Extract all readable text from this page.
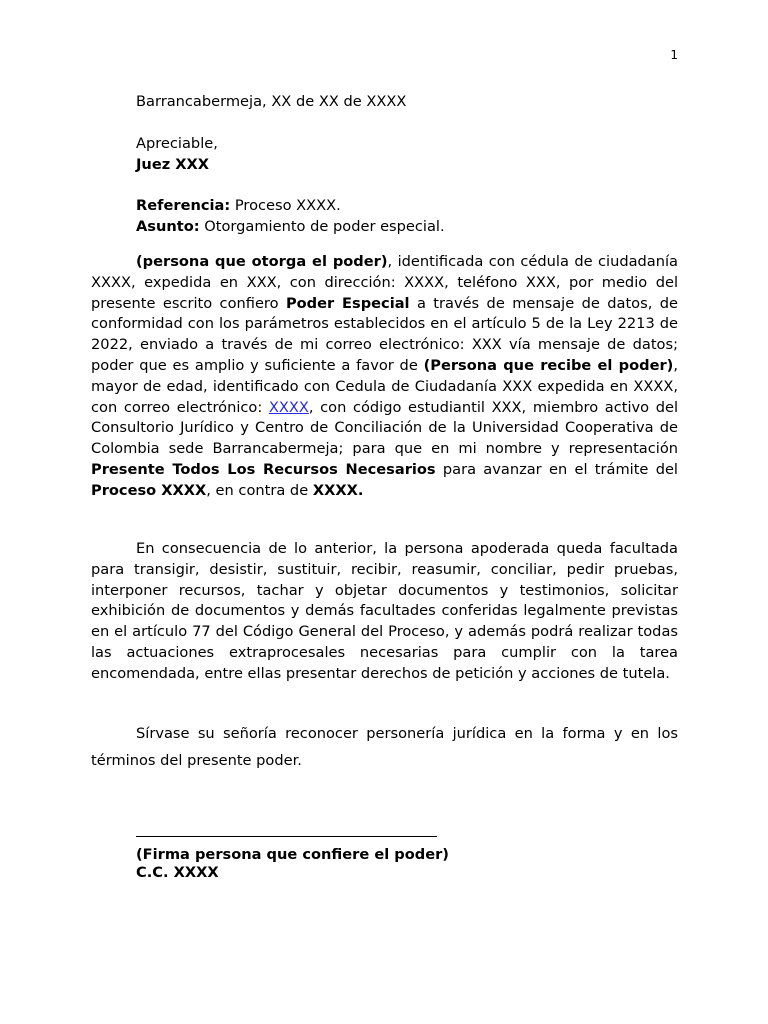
1
Barrancabermeja, XX de XX de XXXX
Apreciable,
Juez XXX
Referencia: Proceso XXXX.
Asunto: Otorgamiento de poder especial.

(persona que otorga el poder), identificada con cédula de ciudadanía XXXX, expedida en XXX, con dirección: XXXX, teléfono XXX, por medio del presente escrito confiero Poder Especial a través de mensaje de datos, de conformidad con los parámetros establecidos en el artículo 5 de la Ley 2213 de 2022, enviado a través de mi correo electrónico: XXX vía mensaje de datos; poder que es amplio y suficiente a favor de (Persona que recibe el poder), mayor de edad, identificado con Cedula de Ciudadanía XXX expedida en XXXX, con correo electrónico: XXXX, con código estudiantil XXX, miembro activo del Consultorio Jurídico y Centro de Conciliación de la Universidad Cooperativa de Colombia sede Barrancabermeja; para que en mi nombre y representación Presente Todos Los Recursos Necesarios para avanzar en el trámite del Proceso XXXX, en contra de XXXX.

En consecuencia de lo anterior, la persona apoderada queda facultada para transigir, desistir, sustituir, recibir, reasumir, conciliar, pedir pruebas, interponer recursos, tachar y objetar documentos y testimonios, solicitar exhibición de documentos y demás facultades conferidas legalmente previstas en el artículo 77 del Código General del Proceso, y además podrá realizar todas las actuaciones extraprocesales necesarias para cumplir con la tarea encomendada, entre ellas presentar derechos de petición y acciones de tutela.

Sírvase su señoría reconocer personería jurídica en la forma y en los términos del presente poder.

(Firma persona que confiere el poder)
C.C. XXXX
